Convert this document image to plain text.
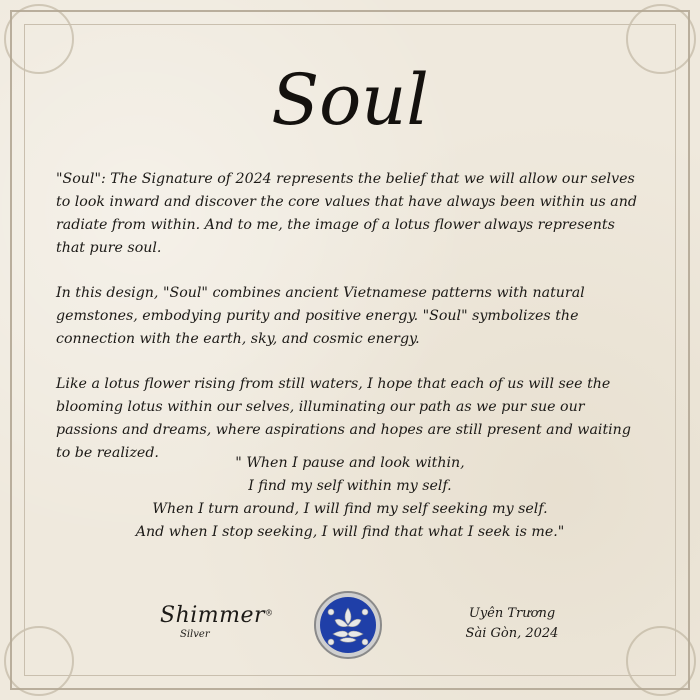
Soul

"Soul": The Signature of 2024 represents the belief that we will allow our selves to look inward and discover the core values that have always been within us and radiate from within. And to me, the image of a lotus flower always represents that pure soul.

In this design, "Soul" combines ancient Vietnamese patterns with natural gemstones, embodying purity and positive energy. "Soul" symbolizes the connection with the earth, sky, and cosmic energy.

Like a lotus flower rising from still waters, I hope that each of us will see the blooming lotus within our selves, illuminating our path as we pur sue our passions and dreams, where aspirations and hopes are still present and waiting to be realized.

" When I pause and look within,
I find my self within my self.
When I turn around, I will find my self seeking my self.
And when I stop seeking, I will find that what I seek is me."
Shimmer®
Silver
Uyên Trương
Sài Gòn, 2024
